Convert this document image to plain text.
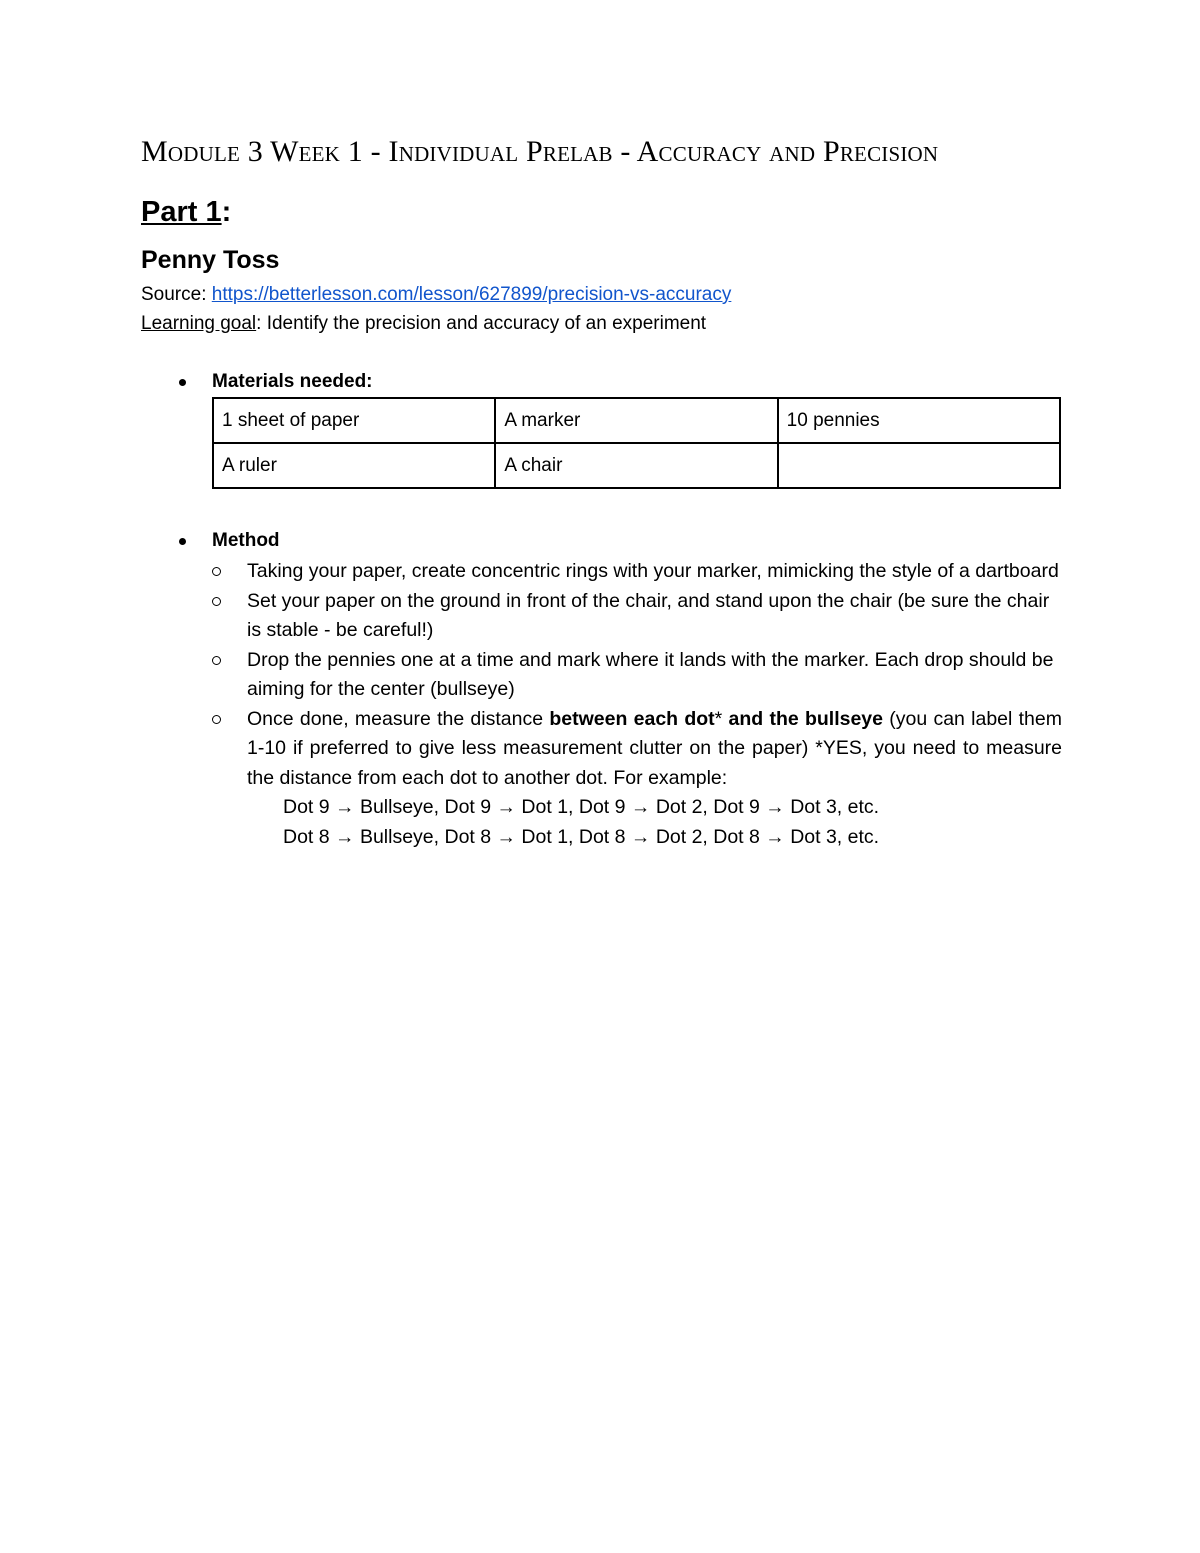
Module 3 Week 1 - Individual Prelab - Accuracy and Precision
Part 1:
Penny Toss
Source: https://betterlesson.com/lesson/627899/precision-vs-accuracy
Learning goal: Identify the precision and accuracy of an experiment
Materials needed:
1 sheet of paper	A marker	10 pennies
A ruler	A chair	
Method
Taking your paper, create concentric rings with your marker, mimicking the style of a dartboard
Set your paper on the ground in front of the chair, and stand upon the chair (be sure the chair is stable - be careful!)
Drop the pennies one at a time and mark where it lands with the marker. Each drop should be aiming for the center (bullseye)
Once done, measure the distance between each dot* and the bullseye (you can label them 1-10 if preferred to give less measurement clutter on the paper) *YES, you need to measure the distance from each dot to another dot. For example:
Dot 9 → Bullseye, Dot 9 → Dot 1, Dot 9 → Dot 2, Dot 9 → Dot 3, etc.
Dot 8 → Bullseye, Dot 8 → Dot 1, Dot 8 → Dot 2, Dot 8 → Dot 3, etc.
